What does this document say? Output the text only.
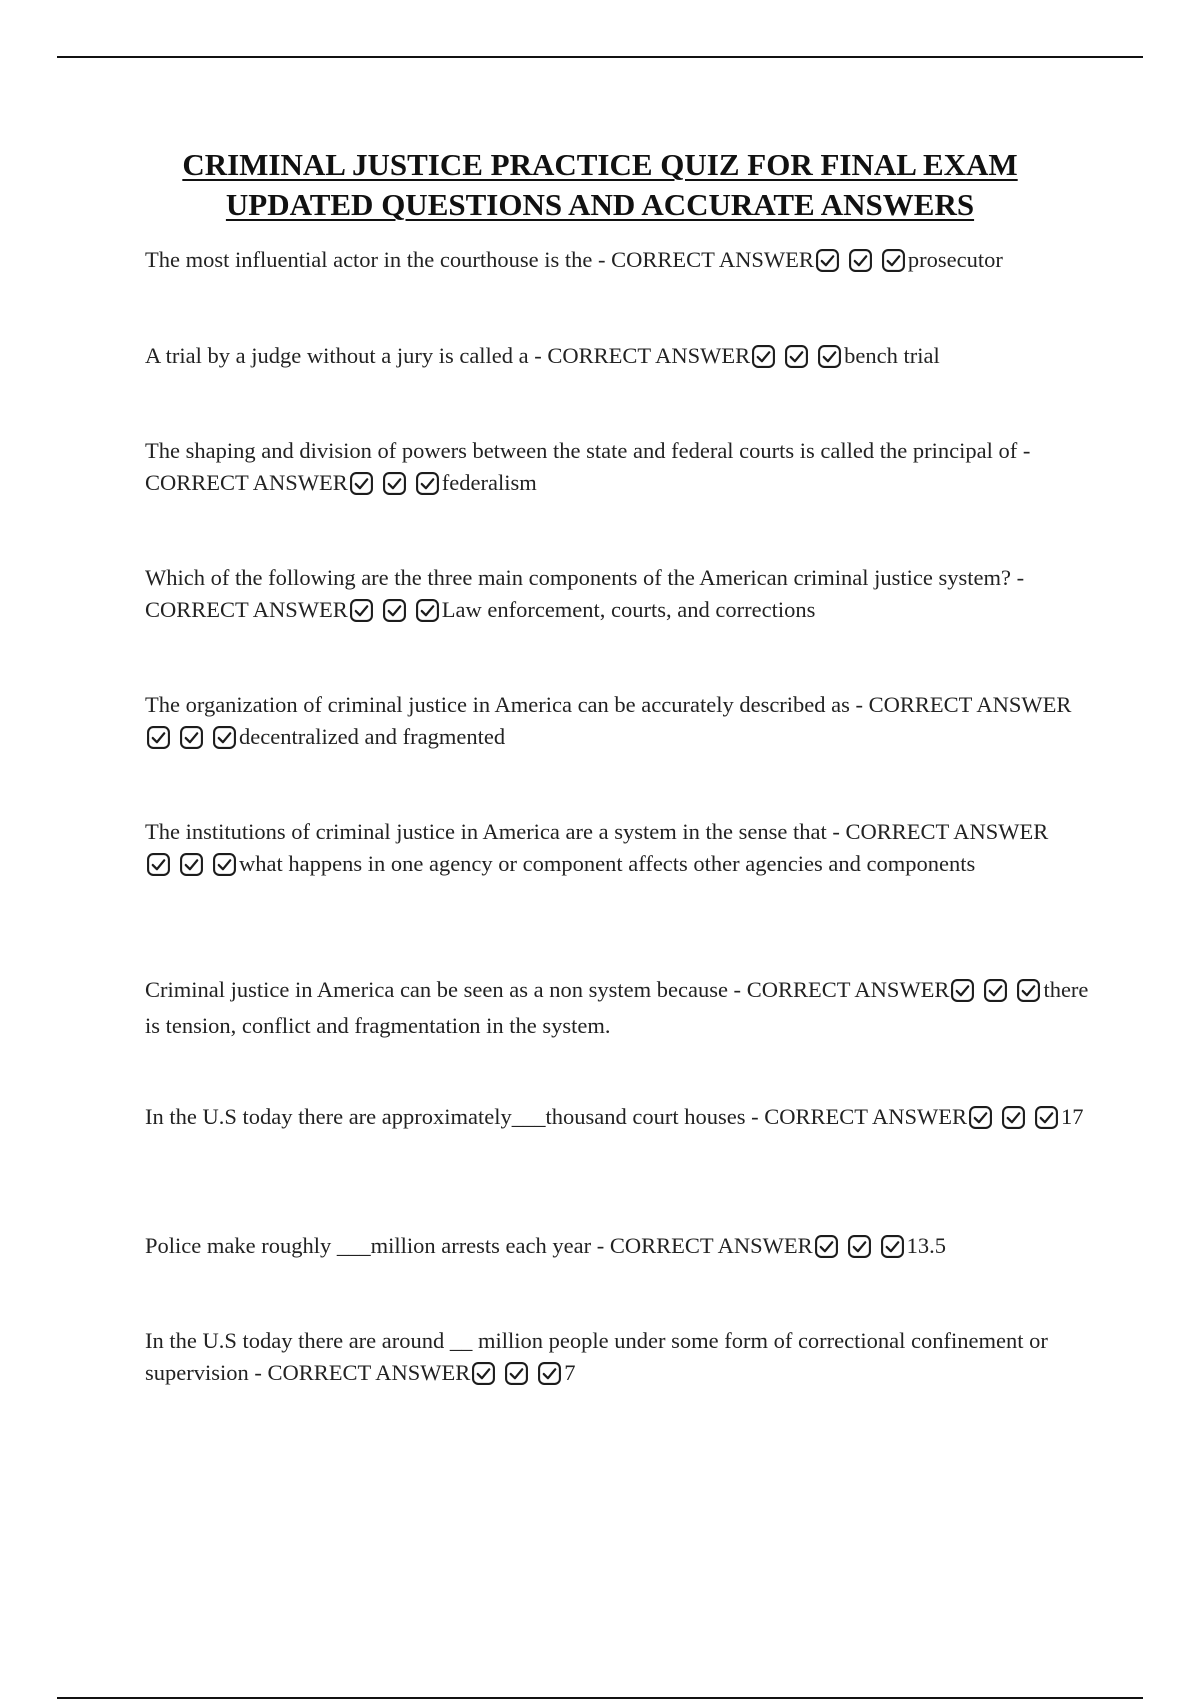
CRIMINAL JUSTICE PRACTICE QUIZ FOR FINAL EXAM
UPDATED QUESTIONS AND ACCURATE ANSWERS
The most influential actor in the courthouse is the - CORRECT ANSWER	prosecutor
A trial by a judge without a jury is called a - CORRECT ANSWER	bench trial
The shaping and division of powers between the state and federal courts is called the principal of - CORRECT ANSWER	federalism
Which of the following are the three main components of the American criminal justice system? - CORRECT ANSWER	Law enforcement, courts, and corrections
The organization of criminal justice in America can be accurately described as - CORRECT ANSWER
decentralized and fragmented
The institutions of criminal justice in America are a system in the sense that - CORRECT ANSWER
what happens in one agency or component affects other agencies and components
Criminal justice in America can be seen as a non system because - CORRECT ANSWER	there is tension, conflict and fragmentation in the system.
In the U.S today there are approximately___thousand court houses - CORRECT ANSWER	17
Police make roughly ___million arrests each year - CORRECT ANSWER	13.5
In the U.S today there are around __ million people under some form of correctional confinement or supervision - CORRECT ANSWER	7
